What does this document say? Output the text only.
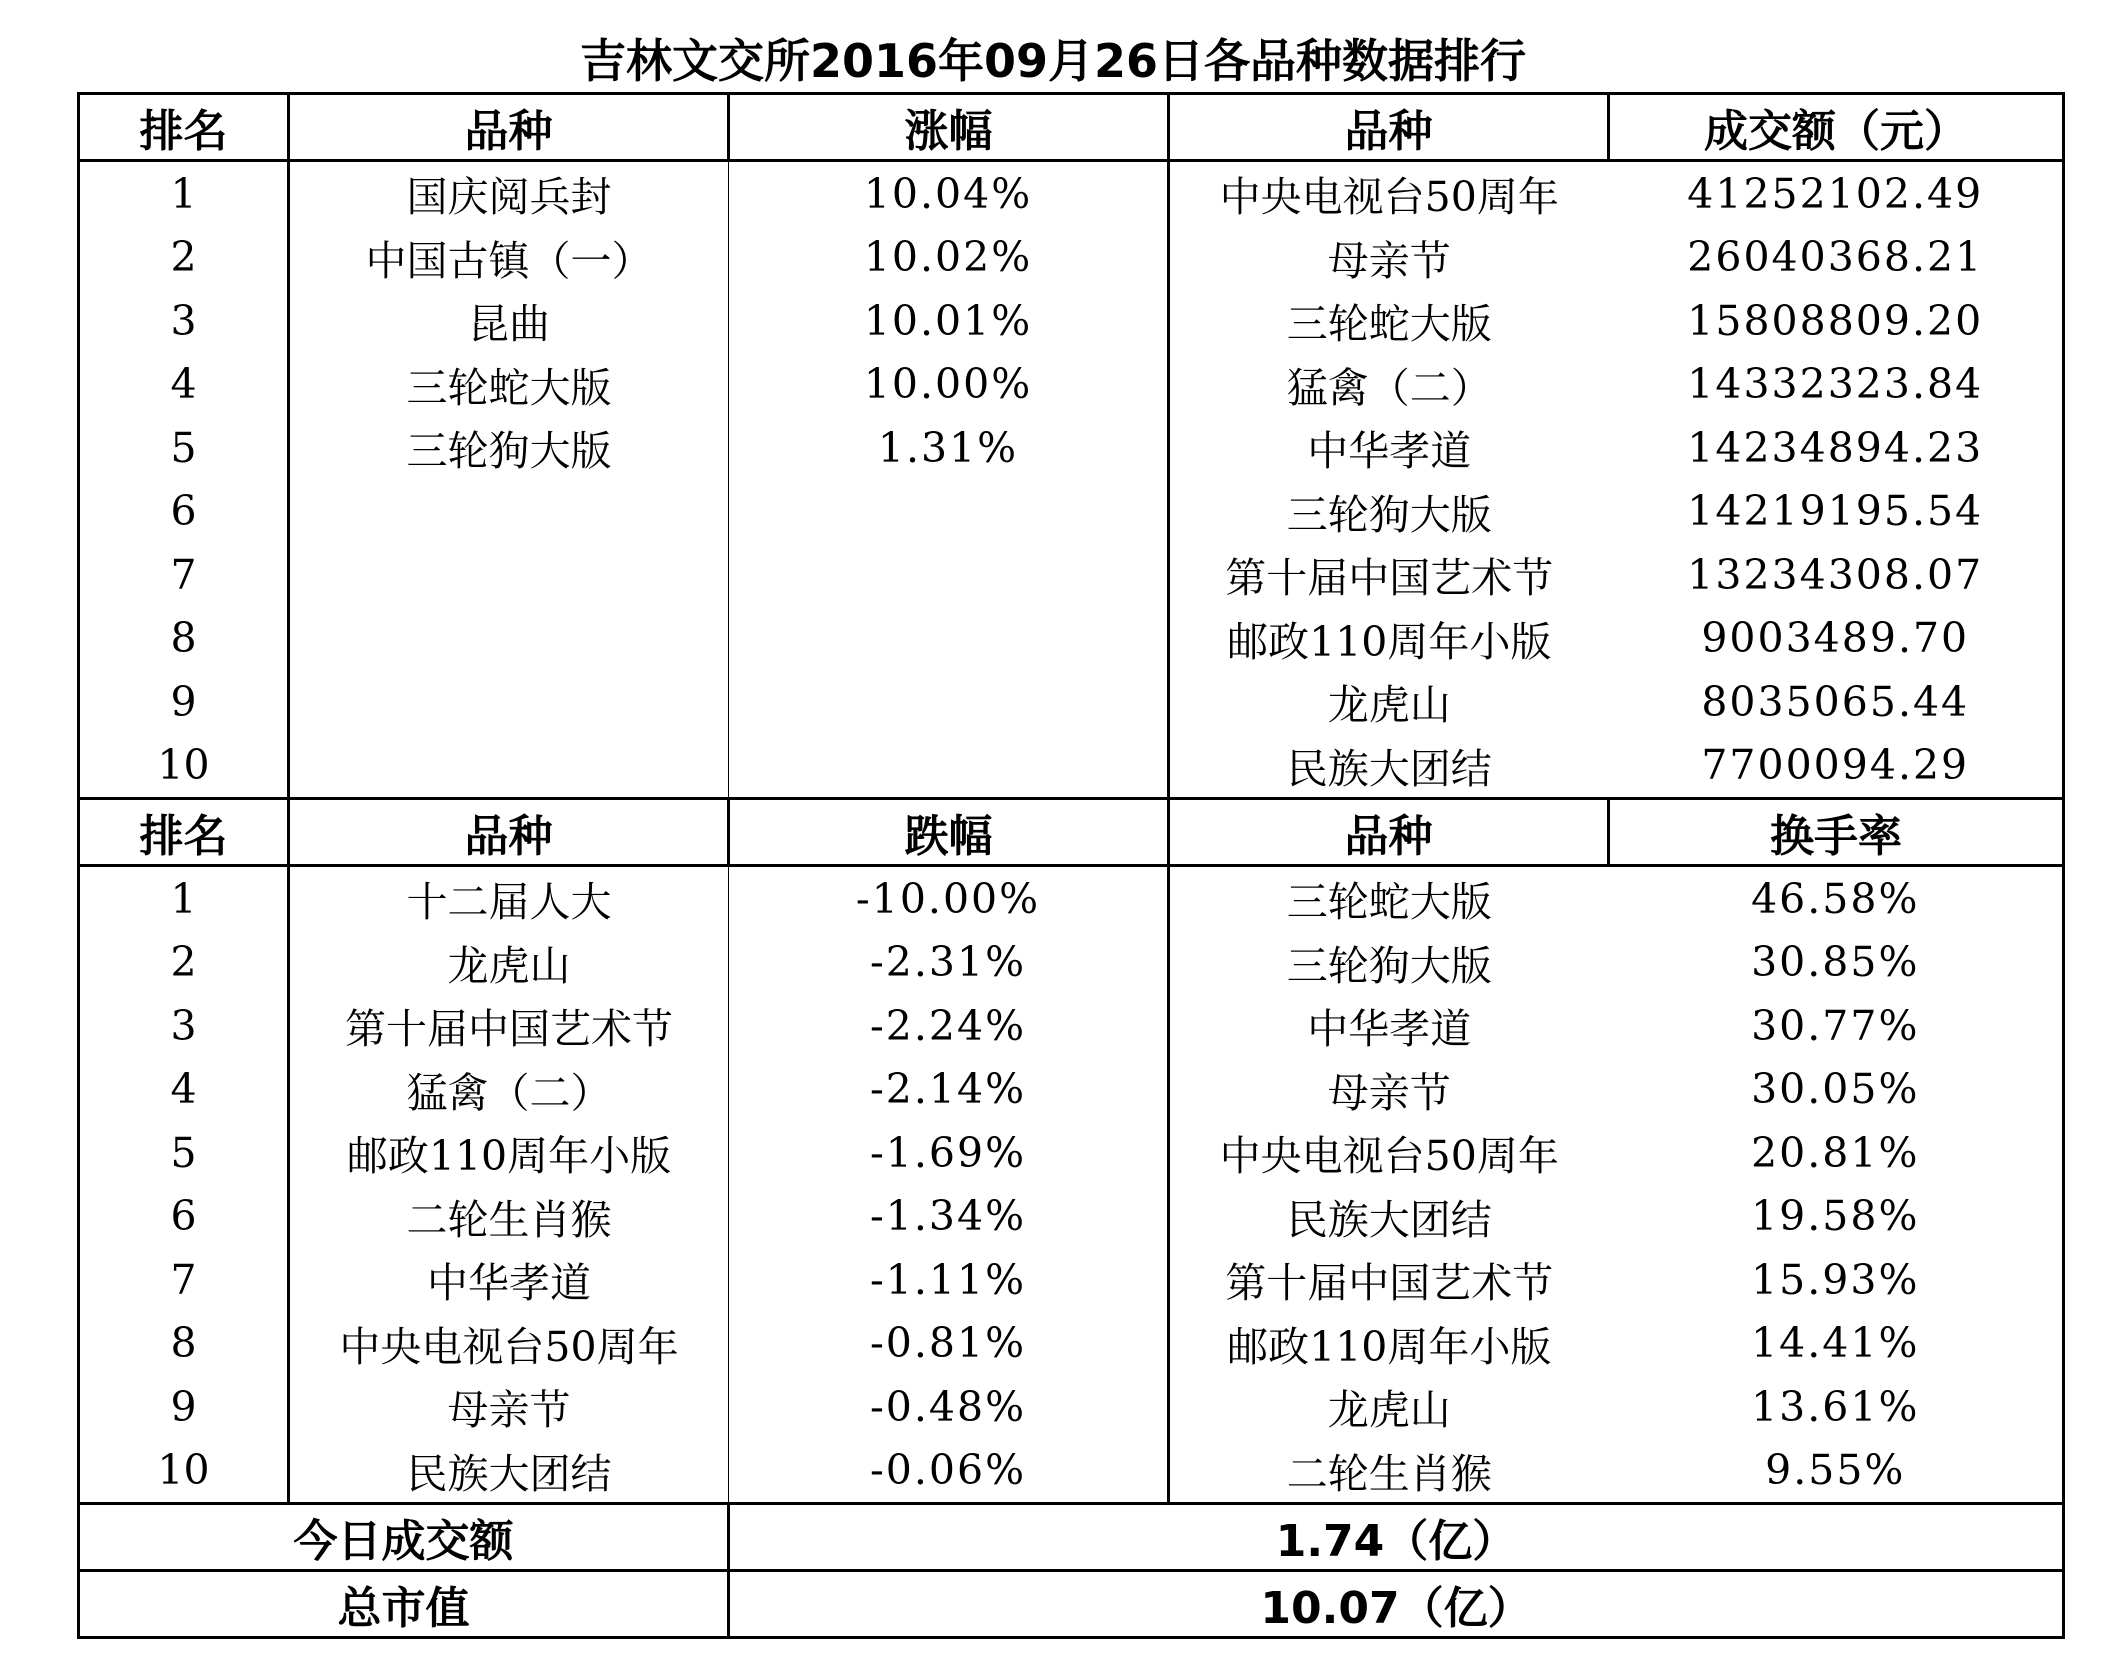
吉林文交所2016年09月26日各品种数据排行
排名	品种	涨幅	品种	成交额（元）
1	国庆阅兵封	10.04%	中央电视台50周年	41252102.49
2	中国古镇（一）	10.02%	母亲节	26040368.21
3	昆曲	10.01%	三轮蛇大版	15808809.20
4	三轮蛇大版	10.00%	猛禽（二）	14332323.84
5	三轮狗大版	1.31%	中华孝道	14234894.23
6			三轮狗大版	14219195.54
7			第十届中国艺术节	13234308.07
8			邮政110周年小版	9003489.70
9			龙虎山	8035065.44
10			民族大团结	7700094.29
排名	品种	跌幅	品种	换手率
1	十二届人大	-10.00%	三轮蛇大版	46.58%
2	龙虎山	-2.31%	三轮狗大版	30.85%
3	第十届中国艺术节	-2.24%	中华孝道	30.77%
4	猛禽（二）	-2.14%	母亲节	30.05%
5	邮政110周年小版	-1.69%	中央电视台50周年	20.81%
6	二轮生肖猴	-1.34%	民族大团结	19.58%
7	中华孝道	-1.11%	第十届中国艺术节	15.93%
8	中央电视台50周年	-0.81%	邮政110周年小版	14.41%
9	母亲节	-0.48%	龙虎山	13.61%
10	民族大团结	-0.06%	二轮生肖猴	9.55%
今日成交额		1.74（亿）		
总市值		10.07（亿）		
